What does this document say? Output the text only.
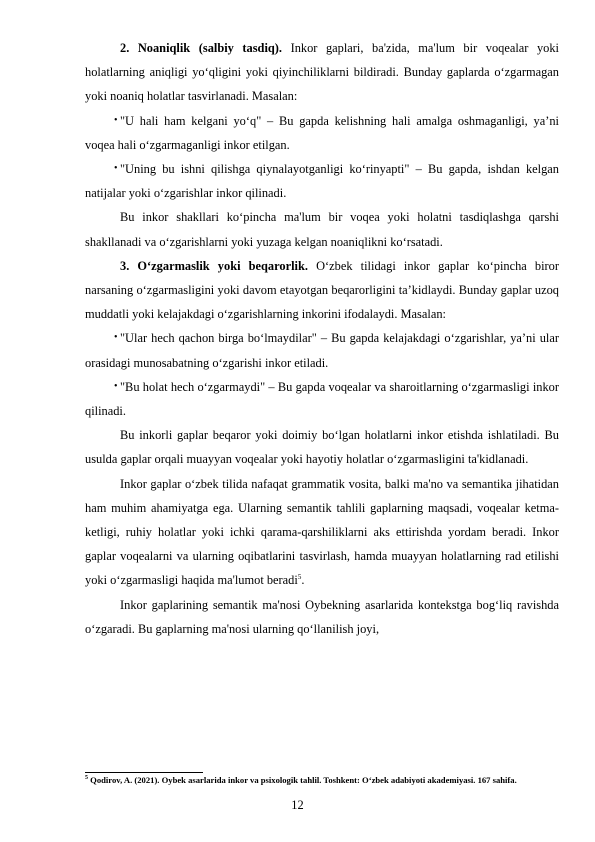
2. Noaniqlik (salbiy tasdiq). Inkor gaplari, ba'zida, ma'lum bir voqealar yoki holatlarning aniqligi yo‘qligini yoki qiyinchiliklarni bildiradi. Bunday gaplarda o‘zgarmagan yoki noaniq holatlar tasvirlanadi. Masalan:

• "U hali ham kelgani yo‘q" – Bu gapda kelishning hali amalga oshmaganligi, ya’ni voqea hali o‘zgarmaganligi inkor etilgan.

• "Uning bu ishni qilishga qiynalayotganligi ko‘rinyapti" – Bu gapda, ishdan kelgan natijalar yoki o‘zgarishlar inkor qilinadi.

Bu inkor shakllari ko‘pincha ma'lum bir voqea yoki holatni tasdiqlashga qarshi shakllanadi va o‘zgarishlarni yoki yuzaga kelgan noaniqlikni ko‘rsatadi.

3. O‘zgarmaslik yoki beqarorlik. O‘zbek tilidagi inkor gaplar ko‘pincha biror narsaning o‘zgarmasligini yoki davom etayotgan beqarorligini ta’kidlaydi. Bunday gaplar uzoq muddatli yoki kelajakdagi o‘zgarishlarning inkorini ifodalaydi. Masalan:

• "Ular hech qachon birga bo‘lmaydilar" – Bu gapda kelajakdagi o‘zgarishlar, ya’ni ular orasidagi munosabatning o‘zgarishi inkor etiladi.

• "Bu holat hech o‘zgarmaydi" – Bu gapda voqealar va sharoitlarning o‘zgarmasligi inkor qilinadi.

Bu inkorli gaplar beqaror yoki doimiy bo‘lgan holatlarni inkor etishda ishlatiladi. Bu usulda gaplar orqali muayyan voqealar yoki hayotiy holatlar o‘zgarmasligini ta'kidlanadi.

Inkor gaplar o‘zbek tilida nafaqat grammatik vosita, balki ma'no va semantika jihatidan ham muhim ahamiyatga ega. Ularning semantik tahlili gaplarning maqsadi, voqealar ketma-ketligi, ruhiy holatlar yoki ichki qarama-qarshiliklarni aks ettirishda yordam beradi. Inkor gaplar voqealarni va ularning oqibatlarini tasvirlash, hamda muayyan holatlarning rad etilishi yoki o‘zgarmasligi haqida ma'lumot beradi$^5$.

Inkor gaplarining semantik ma'nosi Oybekning asarlarida kontekstga bog‘liq ravishda o‘zgaradi. Bu gaplarning ma'nosi ularning qo‘llanilish joyi,

$^5$ Qodirov, A. (2021). Oybek asarlarida inkor va psixologik tahlil. Toshkent: O‘zbek adabiyoti akademiyasi. 167 sahifa.
12
